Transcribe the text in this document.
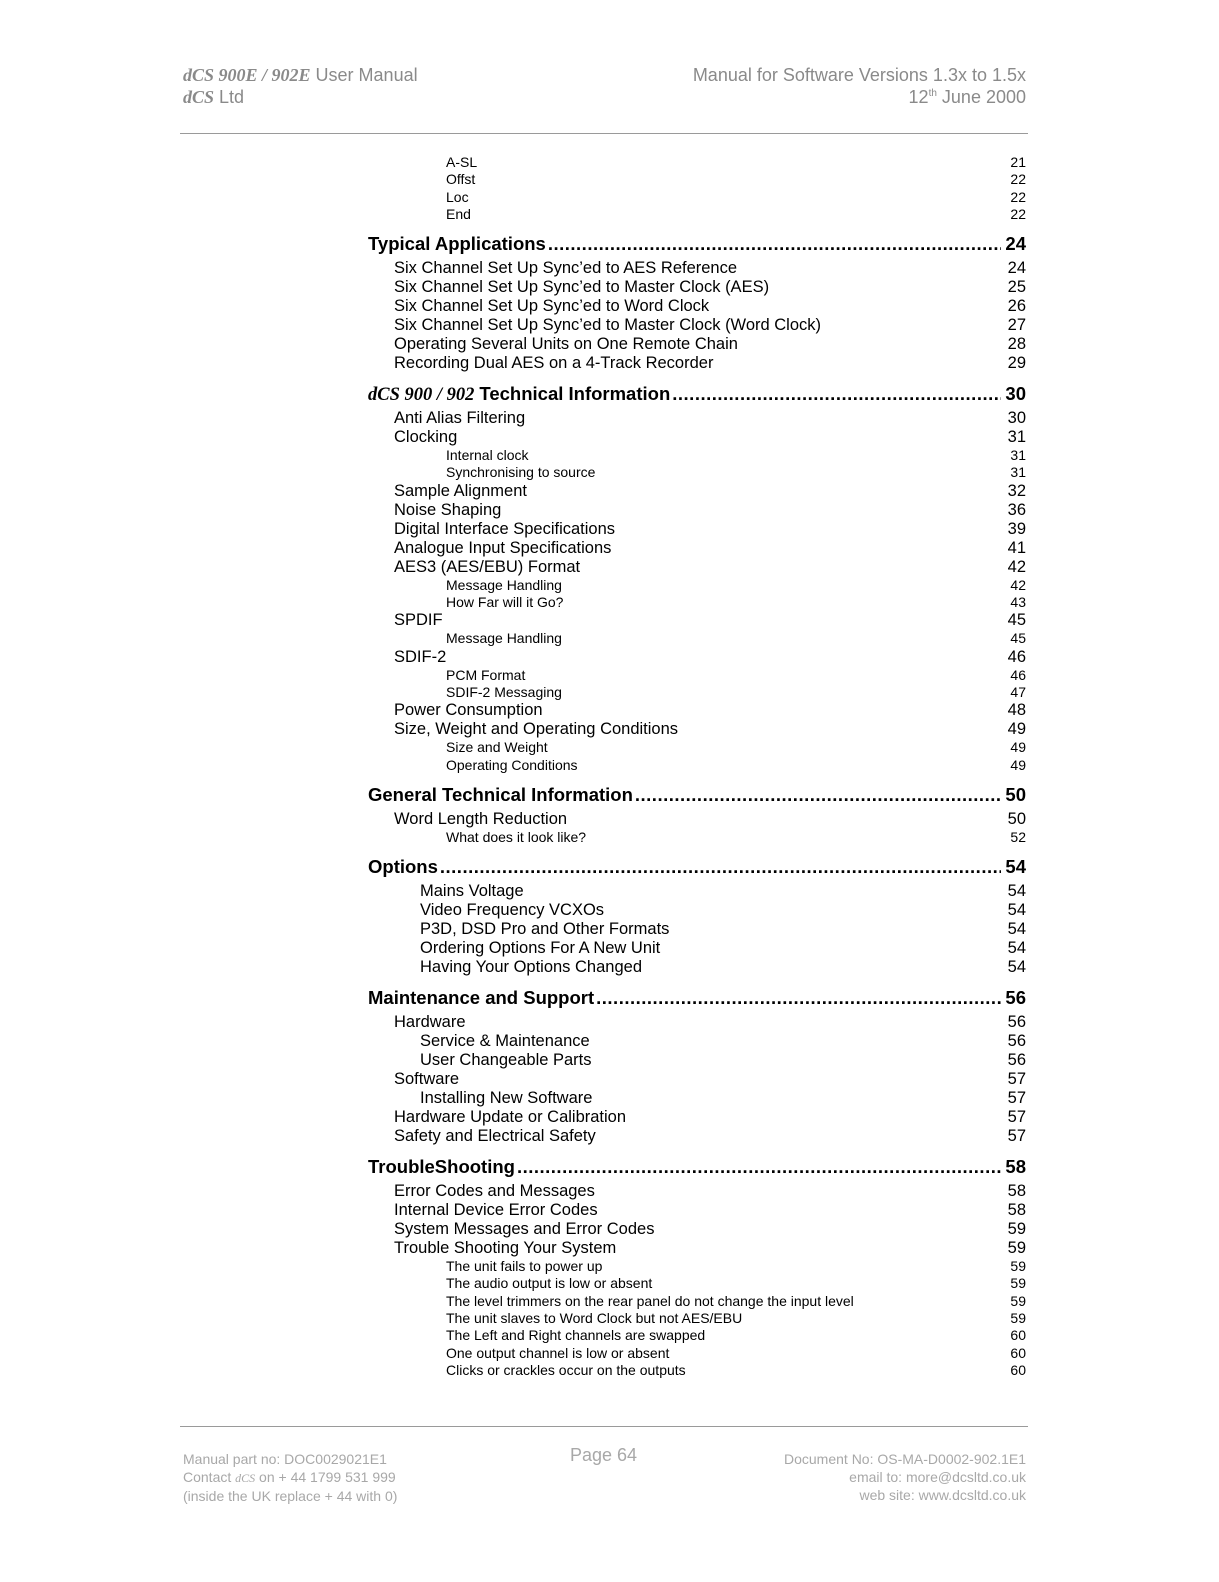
dCS 900E / 902E User Manual
dCS Ltd
Manual for Software Versions 1.3x to 1.5x
12th June 2000
A-SL	21
Offst	22
Loc	22
End	22
Typical Applications .....	24
Six Channel Set Up Sync’ed to AES Reference	24
Six Channel Set Up Sync’ed to Master Clock (AES)	25
Six Channel Set Up Sync’ed to Word Clock	26
Six Channel Set Up Sync’ed to Master Clock (Word Clock)	27
Operating Several Units on One Remote Chain	28
Recording Dual AES on a 4-Track Recorder	29
dCS 900 / 902 Technical Information .....	30
Anti Alias Filtering	30
Clocking	31
Internal clock	31
Synchronising to source	31
Sample Alignment	32
Noise Shaping	36
Digital Interface Specifications	39
Analogue Input Specifications	41
AES3 (AES/EBU) Format	42
Message Handling	42
How Far will it Go?	43
SPDIF	45
Message Handling	45
SDIF-2	46
PCM Format	46
SDIF-2 Messaging	47
Power Consumption	48
Size, Weight and Operating Conditions	49
Size and Weight	49
Operating Conditions	49
General Technical Information .....	50
Word Length Reduction	50
What does it look like?	52
Options .....	54
Mains Voltage	54
Video Frequency VCXOs	54
P3D, DSD Pro and Other Formats	54
Ordering Options For A New Unit	54
Having Your Options Changed	54
Maintenance and Support .....	56
Hardware	56
Service & Maintenance	56
User Changeable Parts	56
Software	57
Installing New Software	57
Hardware Update or Calibration	57
Safety and Electrical Safety	57
TroubleShooting .....	58
Error Codes and Messages	58
Internal Device Error Codes	58
System Messages and Error Codes	59
Trouble Shooting Your System	59
The unit fails to power up	59
The audio output is low or absent	59
The level trimmers on the rear panel do not change the input level	59
The unit slaves to Word Clock but not AES/EBU	59
The Left and Right channels are swapped	60
One output channel is low or absent	60
Clicks or crackles occur on the outputs	60
Manual part no: DOC0029021E1
Contact dCS on + 44 1799 531 999
(inside the UK replace + 44 with 0)
Page 64	Document No: OS-MA-D0002-902.1E1
email to: more@dcsltd.co.uk
web site: www.dcsltd.co.uk
